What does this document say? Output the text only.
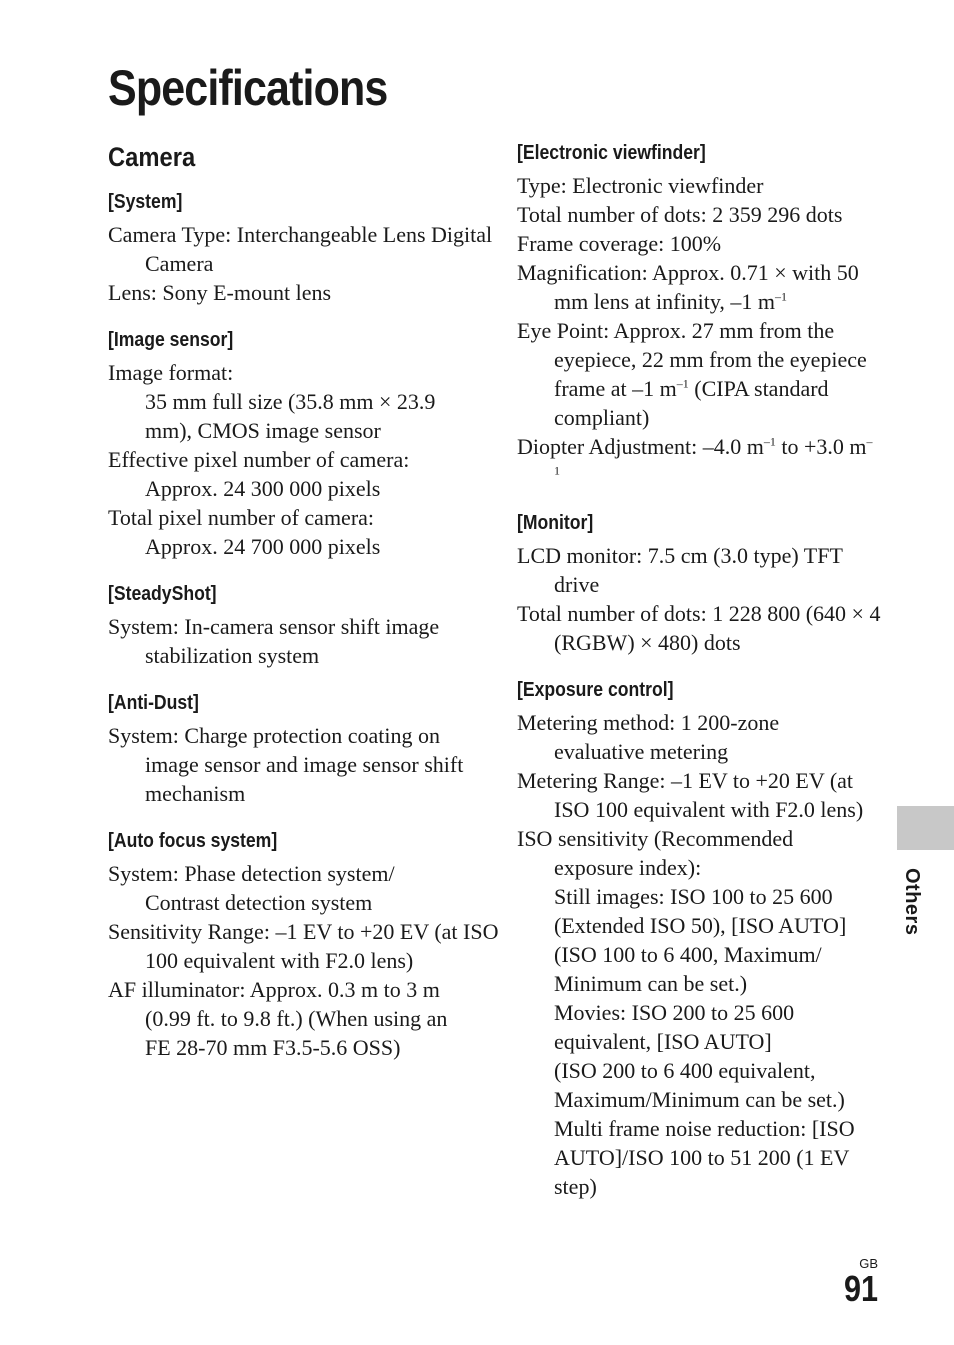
Specifications
Camera
[System]

Camera Type: Interchangeable Lens Digital Camera

Lens: Sony E-mount lens

[Image sensor]

Image format:

35 mm full size (35.8 mm × 23.9 mm), CMOS image sensor

Effective pixel number of camera: Approx. 24 300 000 pixels

Total pixel number of camera: Approx. 24 700 000 pixels

[SteadyShot]

System: In-camera sensor shift image stabilization system

[Anti-Dust]

System: Charge protection coating on image sensor and image sensor shift mechanism

[Auto focus system]

System: Phase detection system/ Contrast detection system

Sensitivity Range: –1 EV to +20 EV (at ISO 100 equivalent with F2.0 lens)

AF illuminator: Approx. 0.3 m to 3 m (0.99 ft. to 9.8 ft.) (When using an FE 28-70 mm F3.5-5.6 OSS)

[Electronic viewfinder]

Type: Electronic viewfinder

Total number of dots: 2 359 296 dots

Frame coverage: 100%

Magnification: Approx. 0.71 × with 50 mm lens at infinity, –1 $m^{-1}$

Eye Point: Approx. 27 mm from the eyepiece, 22 mm from the eyepiece frame at –1 $m^{-1}$ (CIPA standard compliant)

Diopter Adjustment: –4.0 $m^{-1}$ to +3.0 $m^{-1}$

[Monitor]

LCD monitor: 7.5 cm (3.0 type) TFT drive

Total number of dots: 1 228 800 (640 × 4 (RGBW) × 480) dots

[Exposure control]

Metering method: 1 200-zone evaluative metering

Metering Range: –1 EV to +20 EV (at ISO 100 equivalent with F2.0 lens)

ISO sensitivity (Recommended exposure index):

Still images: ISO 100 to 25 600 (Extended ISO 50), [ISO AUTO] (ISO 100 to 6 400, Maximum/ Minimum can be set.)

Movies: ISO 200 to 25 600 equivalent, [ISO AUTO]

(ISO 200 to 6 400 equivalent, Maximum/Minimum can be set.)

Multi frame noise reduction: [ISO AUTO]/ISO 100 to 51 200 (1 EV step)

Others
GB
91
